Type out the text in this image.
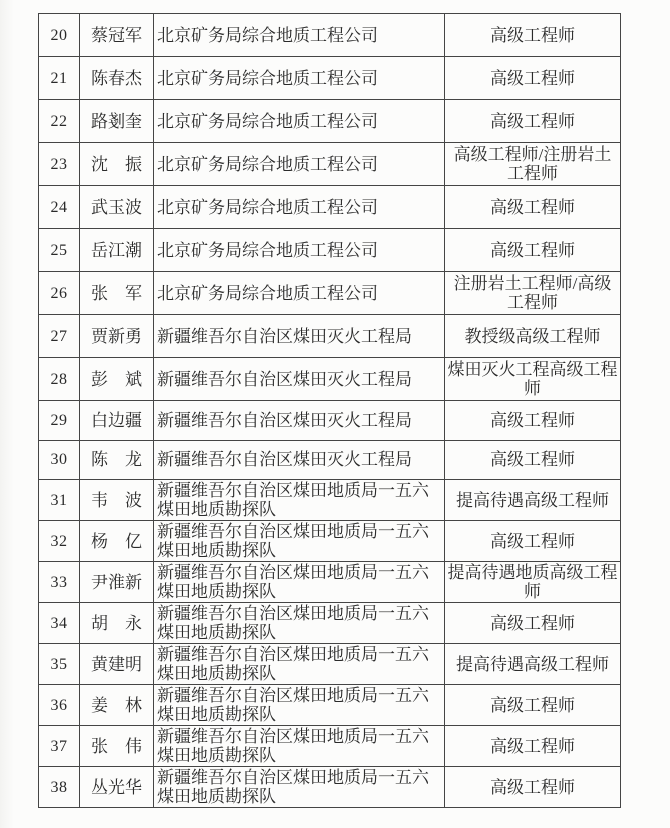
20	蔡冠军	北京矿务局综合地质工程公司	高级工程师
21	陈春杰	北京矿务局综合地质工程公司	高级工程师
22	路剗奎	北京矿务局综合地质工程公司	高级工程师
23	沈　振	北京矿务局综合地质工程公司	高级工程师/注册岩土工程师
24	武玉波	北京矿务局综合地质工程公司	高级工程师
25	岳江潮	北京矿务局综合地质工程公司	高级工程师
26	张　军	北京矿务局综合地质工程公司	注册岩土工程师/高级工程师
27	贾新勇	新疆维吾尔自治区煤田灭火工程局	教授级高级工程师
28	彭　斌	新疆维吾尔自治区煤田灭火工程局	煤田灭火工程高级工程师
29	白边疆	新疆维吾尔自治区煤田灭火工程局	高级工程师
30	陈　龙	新疆维吾尔自治区煤田灭火工程局	高级工程师
31	韦　波	新疆维吾尔自治区煤田地质局一五六煤田地质勘探队	提高待遇高级工程师
32	杨　亿	新疆维吾尔自治区煤田地质局一五六煤田地质勘探队	高级工程师
33	尹淮新	新疆维吾尔自治区煤田地质局一五六煤田地质勘探队	提高待遇地质高级工程师
34	胡　永	新疆维吾尔自治区煤田地质局一五六煤田地质勘探队	高级工程师
35	黄建明	新疆维吾尔自治区煤田地质局一五六煤田地质勘探队	提高待遇高级工程师
36	姜　林	新疆维吾尔自治区煤田地质局一五六煤田地质勘探队	高级工程师
37	张　伟	新疆维吾尔自治区煤田地质局一五六煤田地质勘探队	高级工程师
38	丛光华	新疆维吾尔自治区煤田地质局一五六煤田地质勘探队	高级工程师
